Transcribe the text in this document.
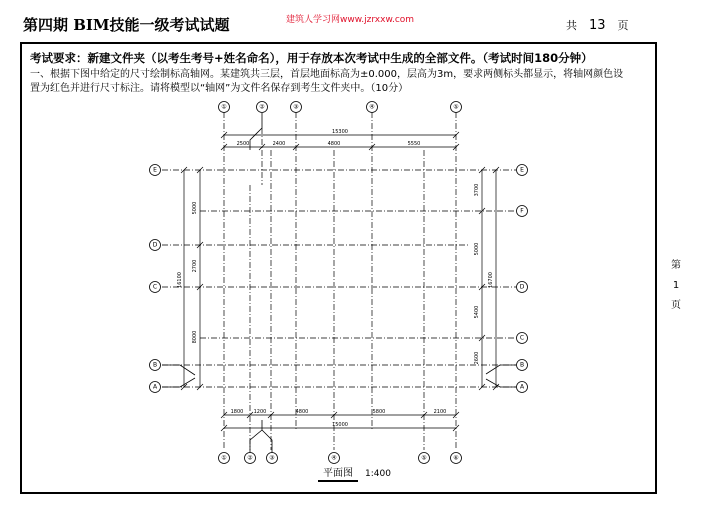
第四期 BIM技能一级考试试题	建筑人学习网www.jzrxxw.com	共 13 页
考试要求：新建文件夹（以考生考号+姓名命名），用于存放本次考试中生成的全部文件。（考试时间180分钟）
一、根据下图中给定的尺寸绘制标高轴网。某建筑共三层，首层地面标高为±0.000，层高为3m，要求两侧标头都显示，将轴网颜色设置为红色并进行尺寸标注。请将模型以“轴网”为文件名保存到考生文件夹中。（10分）
第
1
页
15300
2500	2400	4800	5550
1800 1200	4800	5800	2100
15000
5000
2700
8000
16100
3700
5000
5400
2600
16700
①	②	③	④	⑤
①	②	③	④	⑤	⑥
E
D
C
B
A
E
F
D
C
B
A
平面图 1:400
